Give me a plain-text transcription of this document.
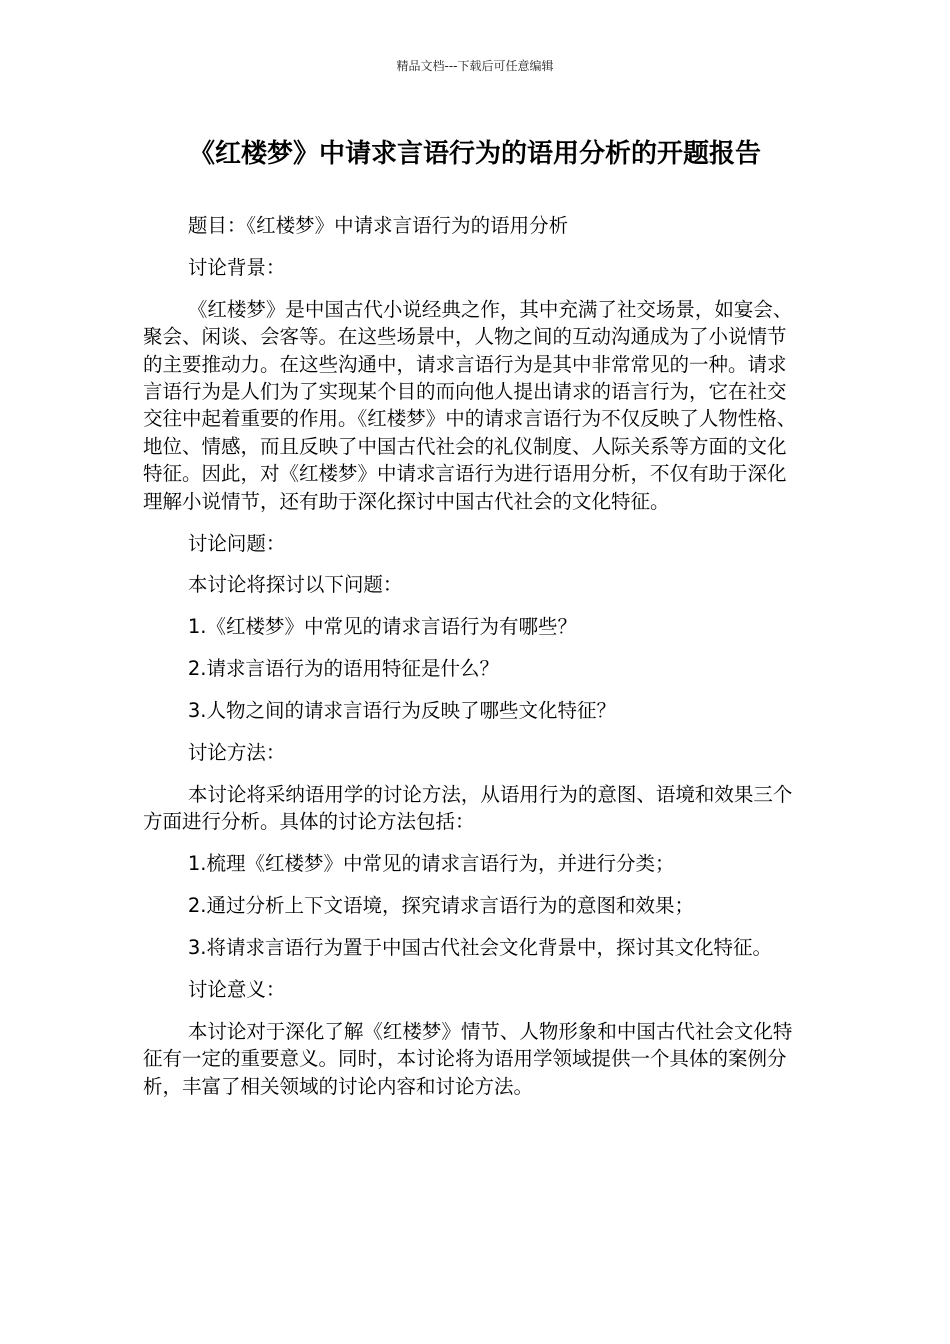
精品文档---下载后可任意编辑
《红楼梦》中请求言语行为的语用分析的开题报告

题目：《红楼梦》中请求言语行为的语用分析

讨论背景：

《红楼梦》是中国古代小说经典之作，其中充满了社交场景，如宴会、聚会、闲谈、会客等。在这些场景中，人物之间的互动沟通成为了小说情节的主要推动力。在这些沟通中，请求言语行为是其中非常常见的一种。请求言语行为是人们为了实现某个目的而向他人提出请求的语言行为，它在社交交往中起着重要的作用。《红楼梦》中的请求言语行为不仅反映了人物性格、地位、情感，而且反映了中国古代社会的礼仪制度、人际关系等方面的文化特征。因此，对《红楼梦》中请求言语行为进行语用分析，不仅有助于深化理解小说情节，还有助于深化探讨中国古代社会的文化特征。

讨论问题：

本讨论将探讨以下问题：

1.《红楼梦》中常见的请求言语行为有哪些？

2.请求言语行为的语用特征是什么？

3.人物之间的请求言语行为反映了哪些文化特征？

讨论方法：

本讨论将采纳语用学的讨论方法，从语用行为的意图、语境和效果三个方面进行分析。具体的讨论方法包括：

1.梳理《红楼梦》中常见的请求言语行为，并进行分类；

2.通过分析上下文语境，探究请求言语行为的意图和效果；

3.将请求言语行为置于中国古代社会文化背景中，探讨其文化特征。

讨论意义：

本讨论对于深化了解《红楼梦》情节、人物形象和中国古代社会文化特征有一定的重要意义。同时，本讨论将为语用学领域提供一个具体的案例分析，丰富了相关领域的讨论内容和讨论方法。
